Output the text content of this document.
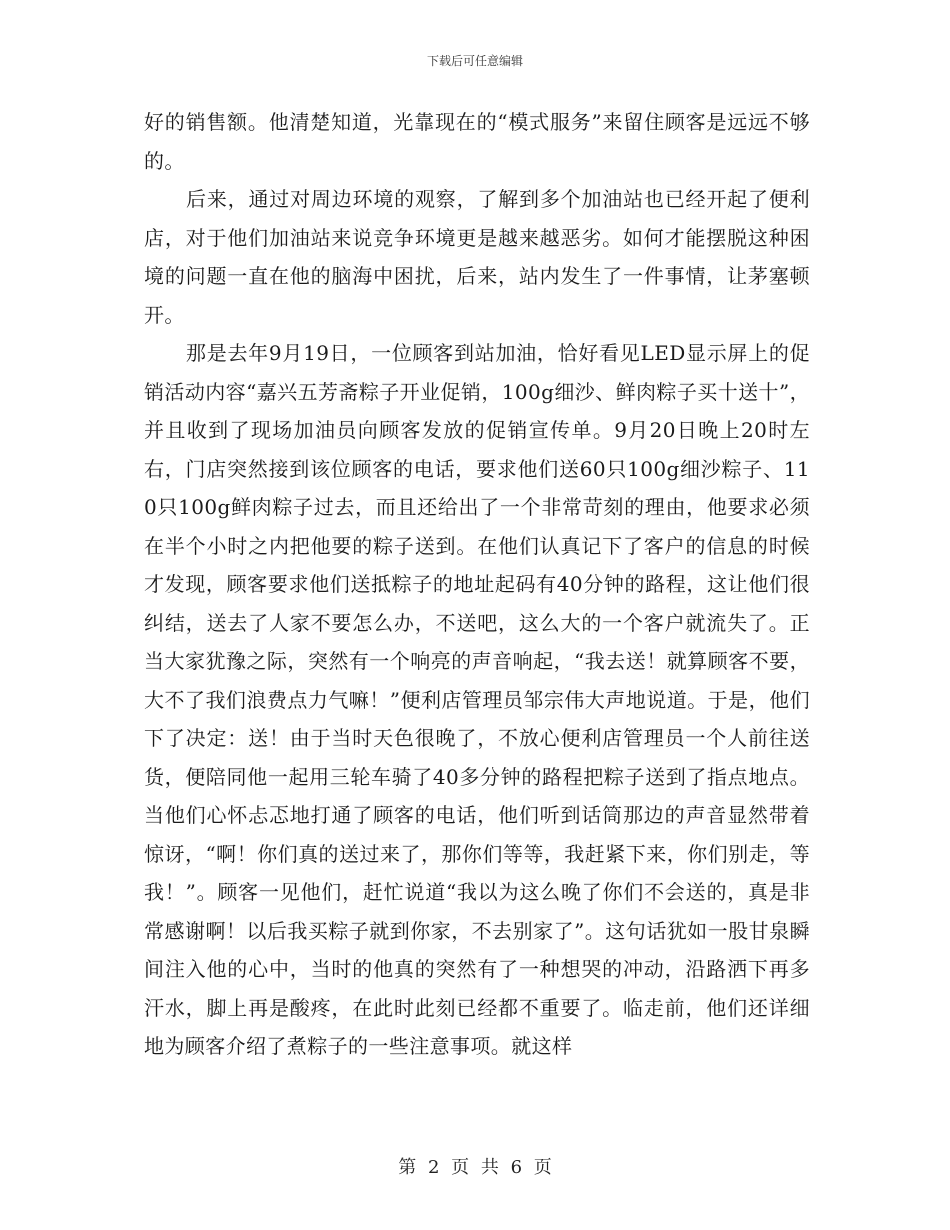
下载后可任意编辑

好的销售额。他清楚知道，光靠现在的“模式服务”来留住顾客是远远不够的。

后来，通过对周边环境的观察，了解到多个加油站也已经开起了便利店，对于他们加油站来说竞争环境更是越来越恶劣。如何才能摆脱这种困境的问题一直在他的脑海中困扰，后来，站内发生了一件事情，让茅塞顿开。

那是去年9月19日，一位顾客到站加油，恰好看见LED显示屏上的促销活动内容“嘉兴五芳斋粽子开业促销，100g细沙、鲜肉粽子买十送十”，并且收到了现场加油员向顾客发放的促销宣传单。9月20日晚上20时左右，门店突然接到该位顾客的电话，要求他们送60只100g细沙粽子、110只100g鲜肉粽子过去，而且还给出了一个非常苛刻的理由，他要求必须在半个小时之内把他要的粽子送到。在他们认真记下了客户的信息的时候才发现，顾客要求他们送抵粽子的地址起码有40分钟的路程，这让他们很纠结，送去了人家不要怎么办，不送吧，这么大的一个客户就流失了。正当大家犹豫之际，突然有一个响亮的声音响起，“我去送！就算顾客不要，大不了我们浪费点力气嘛！”便利店管理员邹宗伟大声地说道。于是，他们下了决定：送！由于当时天色很晚了，不放心便利店管理员一个人前往送货，便陪同他一起用三轮车骑了40多分钟的路程把粽子送到了指点地点。当他们心怀忐忑地打通了顾客的电话，他们听到话筒那边的声音显然带着惊讶，“啊！你们真的送过来了，那你们等等，我赶紧下来，你们别走，等我！”。顾客一见他们，赶忙说道“我以为这么晚了你们不会送的，真是非常感谢啊！以后我买粽子就到你家，不去别家了”。这句话犹如一股甘泉瞬间注入他的心中，当时的他真的突然有了一种想哭的冲动，沿路洒下再多汗水，脚上再是酸疼，在此时此刻已经都不重要了。临走前，他们还详细地为顾客介绍了煮粽子的一些注意事项。就这样

第 2 页 共 6 页
